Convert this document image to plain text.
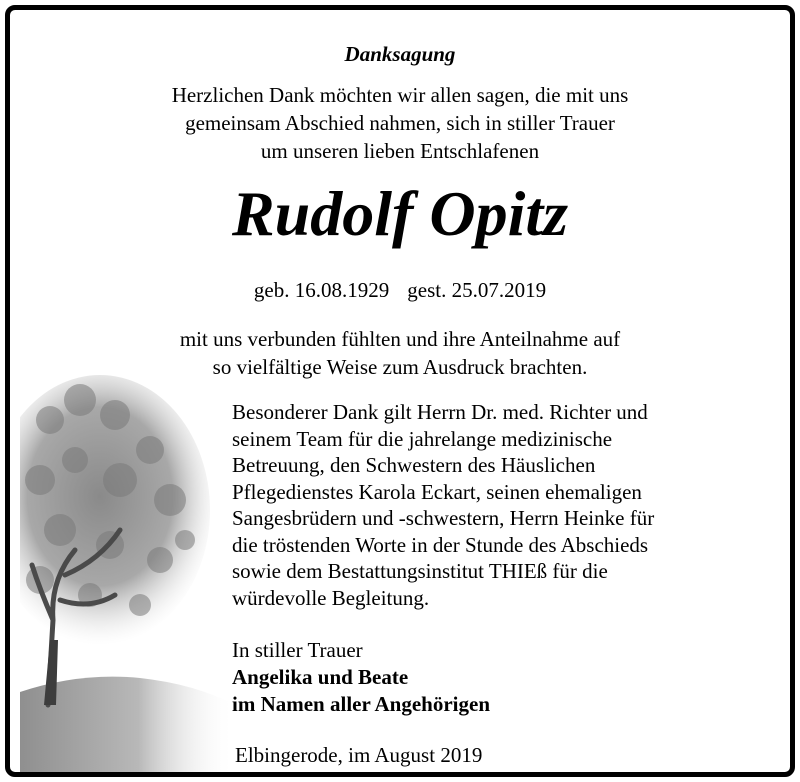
Danksagung
Herzlichen Dank möchten wir allen sagen, die mit uns
gemeinsam Abschied nahmen, sich in stiller Trauer
um unseren lieben Entschlafenen
Rudolf Opitz
geb. 16.08.1929 gest. 25.07.2019
mit uns verbunden fühlten und ihre Anteilnahme auf
so vielfältige Weise zum Ausdruck brachten.
Besonderer Dank gilt Herrn Dr. med. Richter und
seinem Team für die jahrelange medizinische
Betreuung, den Schwestern des Häuslichen
Pflegedienstes Karola Eckart, seinen ehemaligen
Sangesbrüdern und -schwestern, Herrn Heinke für
die tröstenden Worte in der Stunde des Abschieds
sowie dem Bestattungsinstitut THIEß für die
würdevolle Begleitung.
In stiller Trauer
Angelika und Beate
im Namen aller Angehörigen
Elbingerode, im August 2019
